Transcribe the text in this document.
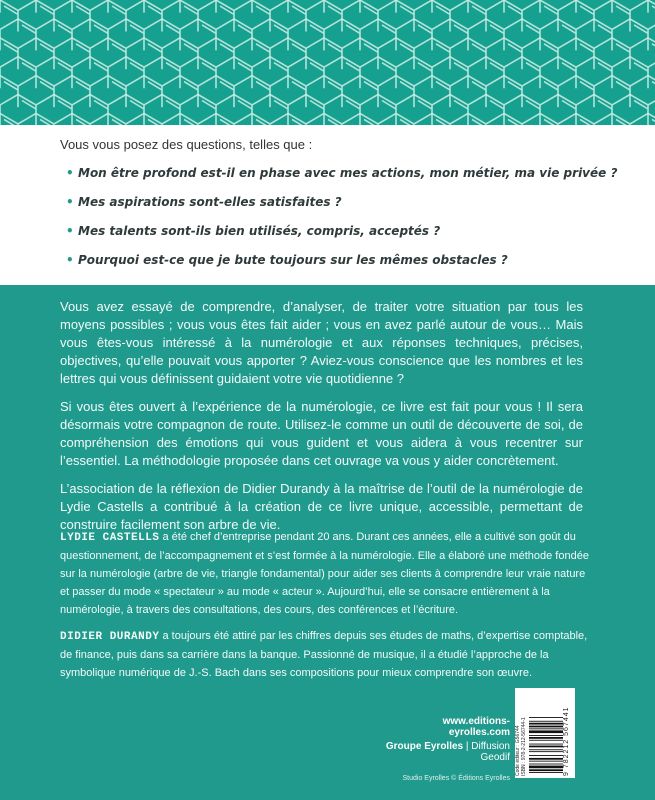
Vous vous posez des questions, telles que :
• Mon être profond est-il en phase avec mes actions, mon métier, ma vie privée ?
• Mes aspirations sont-elles satisfaites ?
• Mes talents sont-ils bien utilisés, compris, acceptés ?
• Pourquoi est-ce que je bute toujours sur les mêmes obstacles ?

Vous avez essayé de comprendre, d’analyser, de traiter votre situation par tous les moyens possibles ; vous vous êtes fait aider ; vous en avez parlé autour de vous… Mais vous êtes-vous intéressé à la numérologie et aux réponses techniques, précises, objectives, qu’elle pouvait vous apporter ? Aviez-vous conscience que les nombres et les lettres qui vous définissent guidaient votre vie quotidienne ?

Si vous êtes ouvert à l’expérience de la numérologie, ce livre est fait pour vous ! Il sera désormais votre compagnon de route. Utilisez-le comme un outil de découverte de soi, de compréhension des émotions qui vous guident et vous aidera à vous recentrer sur l’essentiel. La méthodologie proposée dans cet ouvrage va vous y aider concrètement.

L’association de la réflexion de Didier Durandy à la maîtrise de l’outil de la numérologie de Lydie Castells a contribué à la création de ce livre unique, accessible, permettant de construire facilement son arbre de vie.

LYDIE CASTELLS a été chef d’entreprise pendant 20 ans. Durant ces années, elle a cultivé son goût du questionnement, de l’accompagnement et s’est formée à la numérologie. Elle a élaboré une méthode fondée sur la numérologie (arbre de vie, triangle fondamental) pour aider ses clients à comprendre leur vraie nature et passer du mode « spectateur » au mode « acteur ». Aujourd’hui, elle se consacre entièrement à la numérologie, à travers des consultations, des cours, des conférences et l’écriture.

DIDIER DURANDY a toujours été attiré par les chiffres depuis ses études de maths, d’expertise comptable, de finance, puis dans sa carrière dans la banque. Passionné de musique, il a étudié l’approche de la symbolique numérique de J.-S. Bach dans ses compositions pour mieux comprendre son œuvre.

www.editions-eyrolles.com
Groupe Eyrolles | Diffusion Geodif
Studio Eyrolles © Éditions Eyrolles
Code éditeur : G56744 ISBN : 978-2-212-56744-1	9 782212 567441
